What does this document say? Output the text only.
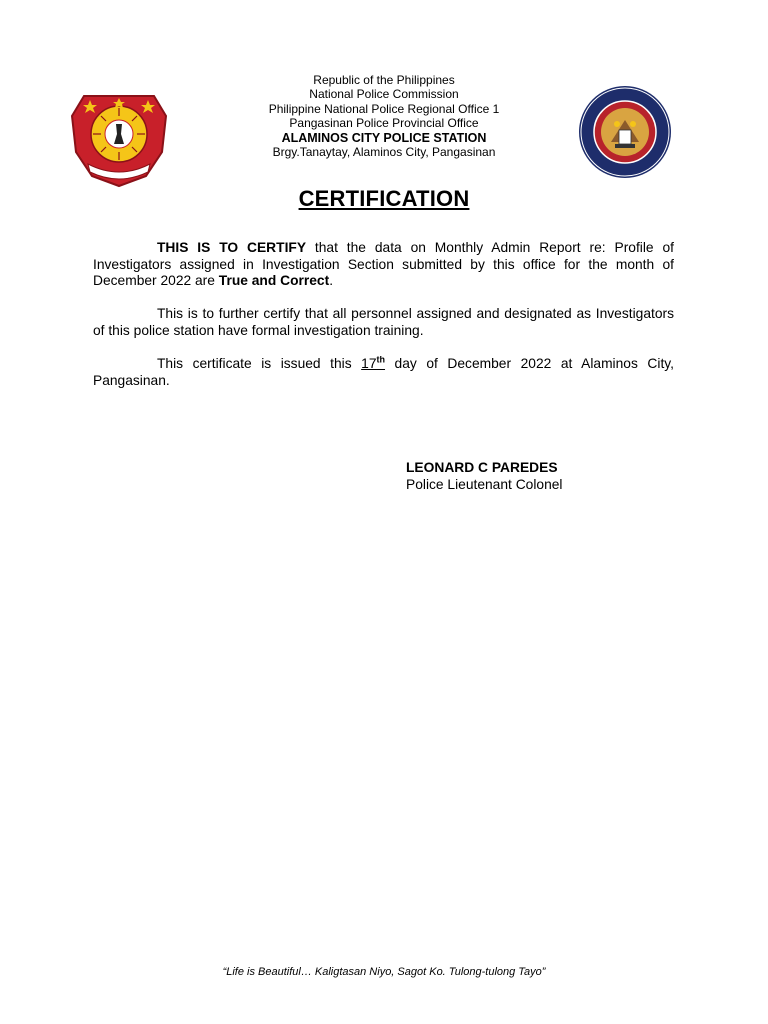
Republic of the Philippines
National Police Commission
Philippine National Police Regional Office 1
Pangasinan Police Provincial Office
ALAMINOS CITY POLICE STATION
Brgy.Tanaytay, Alaminos City, Pangasinan
CERTIFICATION

THIS IS TO CERTIFY that the data on Monthly Admin Report re: Profile of Investigators assigned in Investigation Section submitted by this office for the month of December 2022 are True and Correct.

This is to further certify that all personnel assigned and designated as Investigators of this police station have formal investigation training.

This certificate is issued this 17th day of December 2022 at Alaminos City, Pangasinan.

LEONARD C PAREDES
Police Lieutenant Colonel
“Life is Beautiful… Kaligtasan Niyo, Sagot Ko. Tulong-tulong Tayo”
